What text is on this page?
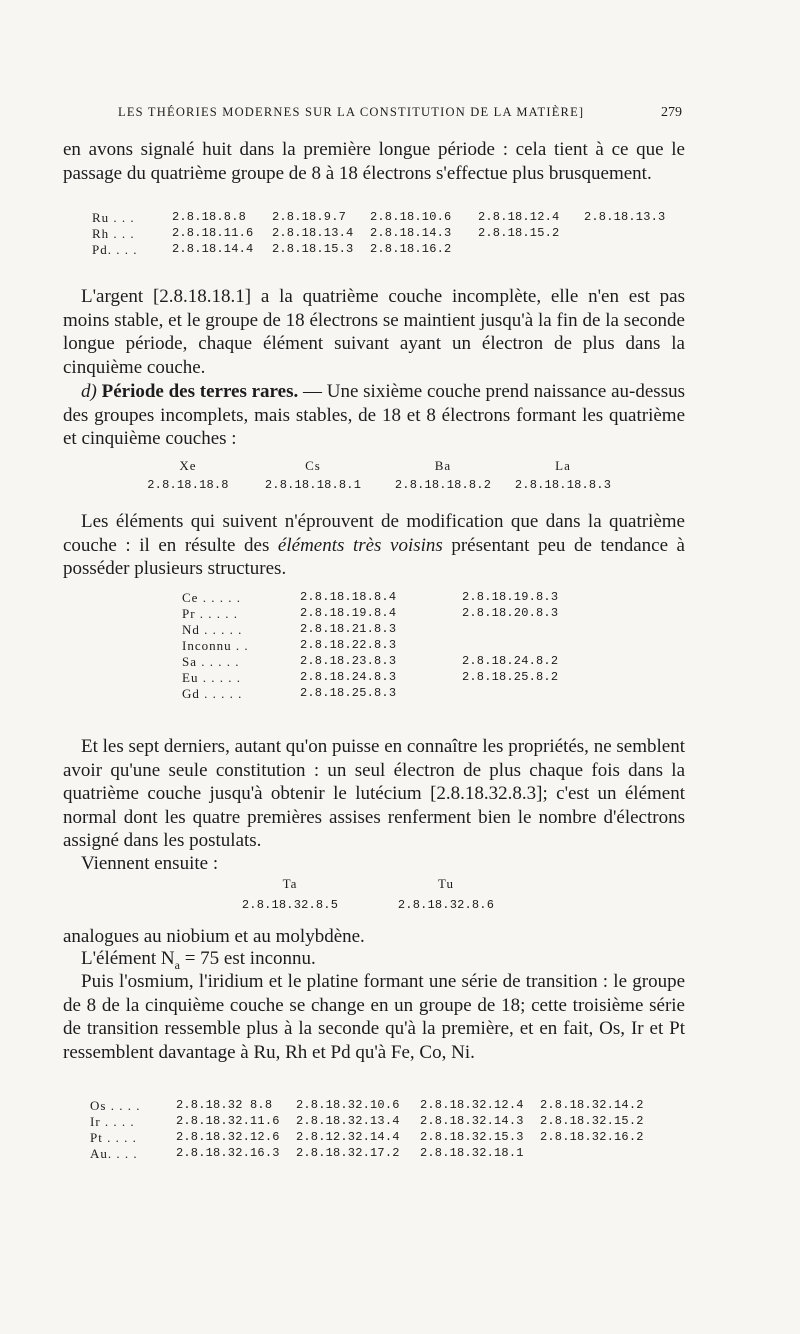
LES THÉORIES MODERNES SUR LA CONSTITUTION DE LA MATIÈRE]	279

en avons signalé huit dans la première longue période : cela tient à ce que le passage du quatrième groupe de 8 à 18 électrons s'effectue plus brusquement.

Ru . . .	2.8.18.8.8	2.8.18.9.7	2.8.18.10.6	2.8.18.12.4	2.8.18.13.3
Rh . . .	2.8.18.11.6	2.8.18.13.4	2.8.18.14.3	2.8.18.15.2	
Pd. . . .	2.8.18.14.4	2.8.18.15.3	2.8.18.16.2		

L'argent [2.8.18.18.1] a la quatrième couche incomplète, elle n'en est pas moins stable, et le groupe de 18 électrons se maintient jusqu'à la fin de la seconde longue période, chaque élément suivant ayant un électron de plus dans la cinquième couche.

d) Période des terres rares. — Une sixième couche prend naissance au-dessus des groupes incomplets, mais stables, de 18 et 8 électrons formant les quatrième et cinquième couches :

Xe	Cs	Ba	La
2.8.18.18.8	2.8.18.18.8.1	2.8.18.18.8.2	2.8.18.18.8.3

Les éléments qui suivent n'éprouvent de modification que dans la quatrième couche : il en résulte des éléments très voisins présentant peu de tendance à posséder plusieurs structures.

Ce . . . . .	2.8.18.18.8.4	2.8.18.19.8.3
Pr . . . . .	2.8.18.19.8.4	2.8.18.20.8.3
Nd . . . . .	2.8.18.21.8.3	
Inconnu . .	2.8.18.22.8.3	
Sa . . . . .	2.8.18.23.8.3	2.8.18.24.8.2
Eu . . . . .	2.8.18.24.8.3	2.8.18.25.8.2
Gd . . . . .	2.8.18.25.8.3	

Et les sept derniers, autant qu'on puisse en connaître les propriétés, ne semblent avoir qu'une seule constitution : un seul électron de plus chaque fois dans la quatrième couche jusqu'à obtenir le lutécium [2.8.18.32.8.3]; c'est un élément normal dont les quatre premières assises renferment bien le nombre d'électrons assigné dans les postulats.

Viennent ensuite :

Ta		Tu
2.8.18.32.8.5		2.8.18.32.8.6

analogues au niobium et au molybdène.

L'élément $N_a = 75$ est inconnu.

Puis l'osmium, l'iridium et le platine formant une série de transition : le groupe de 8 de la cinquième couche se change en un groupe de 18; cette troisième série de transition ressemble plus à la seconde qu'à la première, et en fait, Os, Ir et Pt ressemblent davantage à Ru, Rh et Pd qu'à Fe, Co, Ni.

Os . . . .	2.8.18.32 8.8	2.8.18.32.10.6	2.8.18.32.12.4	2.8.18.32.14.2
Ir . . . .	2.8.18.32.11.6	2.8.18.32.13.4	2.8.18.32.14.3	2.8.18.32.15.2
Pt . . . .	2.8.18.32.12.6	2.8.12.32.14.4	2.8.18.32.15.3	2.8.18.32.16.2
Au. . . .	2.8.18.32.16.3	2.8.18.32.17.2	2.8.18.32.18.1	
